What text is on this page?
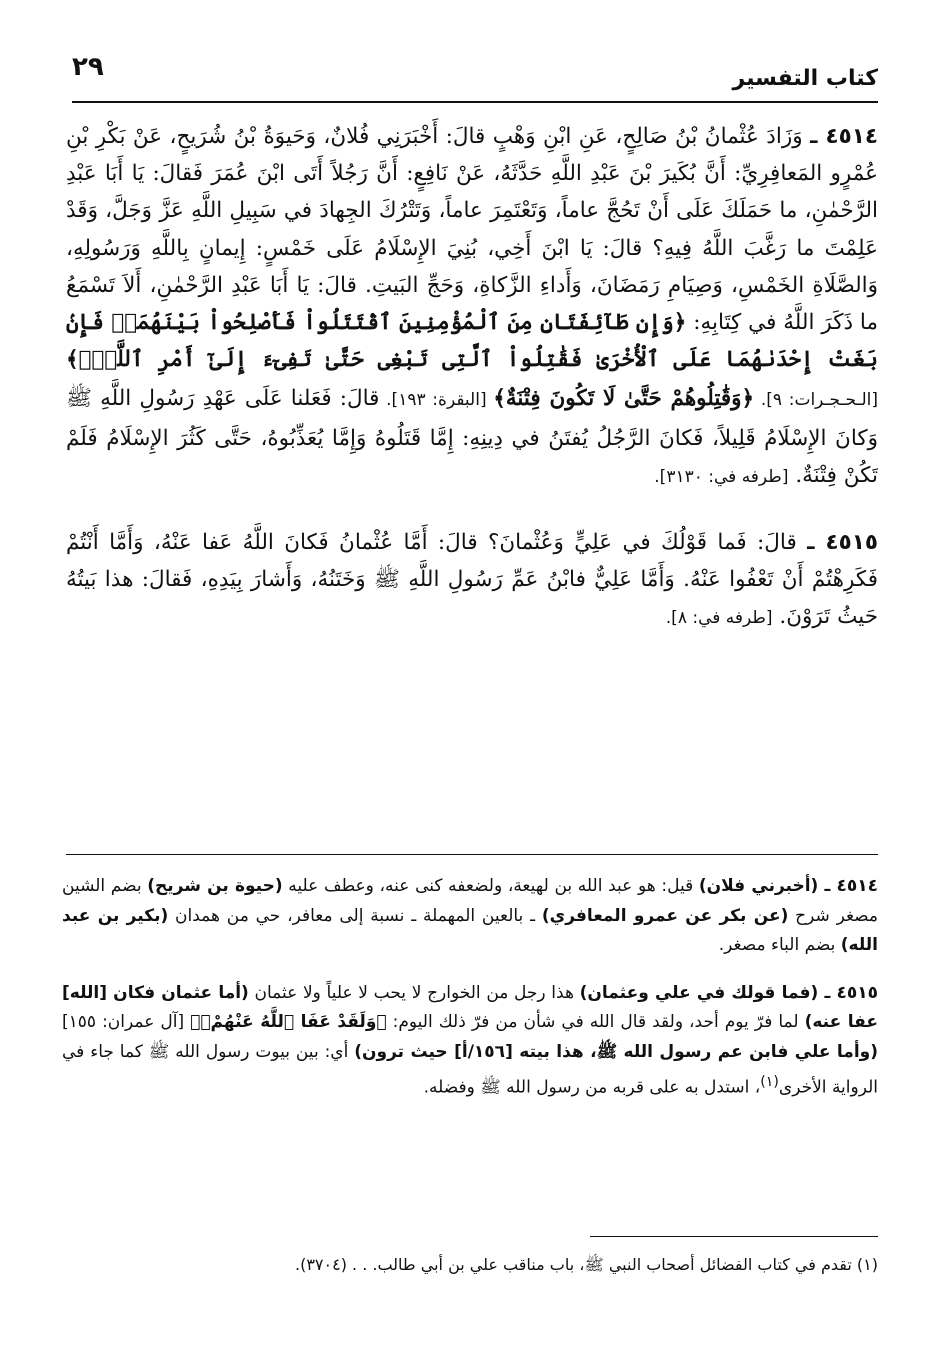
٢٩	كتاب التفسير

٤٥١٤ ـ وَزَادَ عُثْمانُ بْنُ صَالِحٍ، عَنِ ابْنِ وَهْبٍ قالَ: أَخْبَرَنِي فُلانٌ، وَحَيوَةُ بْنُ شُرَيحٍ، عَنْ بَكْرِ بْنِ عُمْرٍو المَعافِرِيِّ: أَنَّ بُكَيرَ بْنَ عَبْدِ اللَّهِ حَدَّثَهُ، عَنْ نَافِعٍ: أَنَّ رَجُلاً أَتَى ابْنَ عُمَرَ فَقالَ: يَا أَبَا عَبْدِ الرَّحْمٰنِ، ما حَمَلَكَ عَلَى أَنْ تَحُجَّ عاماً، وَتَعْتَمِرَ عاماً، وَتَتْرُكَ الجِهادَ في سَبِيلِ اللَّهِ عَزَّ وَجَلَّ، وَقَدْ عَلِمْتَ ما رَغَّبَ اللَّهُ فِيهِ؟ قالَ: يَا ابْنَ أَخِي، بُنِيَ الإِسْلَامُ عَلَى خَمْسٍ: إِيمانٍ بِاللَّهِ وَرَسُولِهِ، وَالصَّلَاةِ الخَمْسِ، وَصِيَامِ رَمَضَانَ، وَأَداءِ الزَّكاةِ، وَحَجِّ البَيتِ. قالَ: يَا أَبَا عَبْدِ الرَّحْمٰنِ، أَلاَ تَسْمَعُ ما ذَكَرَ اللَّهُ في كِتَابِهِ: ﴿وَإِن طَآئِفَتَانِ مِنَ ٱلْمُؤْمِنِينَ ٱقْتَتَلُواْ فَأَصْلِحُواْ بَيْنَهُمَاۖ فَإِنۢ بَغَتْ إِحْدَىٰهُمَا عَلَى ٱلْأُخْرَىٰ فَقَٰتِلُواْ ٱلَّتِى تَبْغِى حَتَّىٰ تَفِىٓءَ إِلَىٰٓ أَمْرِ ٱللَّهِۚ﴾ [الـحـجـرات: ٩]. ﴿وَقَٰتِلُوهُمْ حَتَّىٰ لَا تَكُونَ فِتْنَةٌ﴾ [البقرة: ١٩٣]. قالَ: فَعَلنا عَلَى عَهْدِ رَسُولِ اللَّهِ ﷺ وَكانَ الإِسْلَامُ قَلِيلاً، فَكانَ الرَّجُلُ يُفتَنُ في دِينِهِ: إِمَّا قَتَلُوهُ وَإِمَّا يُعَذِّبُوهُ، حَتَّى كَثُرَ الإِسْلَامُ فَلَمْ تَكُنْ فِتْنَةٌ. [طرفه في: ٣١٣٠].

٤٥١٥ ـ قالَ: فَما قَوْلُكَ في عَلِيٍّ وَعُثْمانَ؟ قالَ: أَمَّا عُثْمانُ فَكانَ اللَّهُ عَفا عَنْهُ، وَأَمَّا أَنْتُمْ فَكَرِهْتُمْ أَنْ تَعْفُوا عَنْهُ. وَأَمَّا عَلِيٌّ فابْنُ عَمِّ رَسُولِ اللَّهِ ﷺ وَخَتَنُهُ، وَأَشارَ بِيَدِهِ، فَقالَ: هذا بَيتُهُ حَيثُ تَرَوْنَ. [طرفه في: ٨].

٤٥١٤ ـ (أخبرني فلان) قيل: هو عبد الله بن لهيعة، ولضعفه كنى عنه، وعطف عليه (حيوة بن شريح) بضم الشين مصغر شرح (عن بكر عن عمرو المعافري) ـ بالعين المهملة ـ نسبة إلى معافر، حي من همدان (بكير بن عبد الله) بضم الباء مصغر.

٤٥١٥ ـ (فما قولك في علي وعثمان) هذا رجل من الخوارج لا يحب لا علياً ولا عثمان (أما عثمان فكان [الله] عفا عنه) لما فرّ يوم أحد، ولقد قال الله في شأن من فرّ ذلك اليوم: ﴿وَلَقَدْ عَفَا ٱللَّهُ عَنْهُمْۗ﴾ [آل عمران: ١٥٥] (وأما علي فابن عم رسول الله ﷺ، هذا بيته [١٥٦/أ] حيث ترون) أي: بين بيوت رسول الله ﷺ كما جاء في الرواية الأخرى$^{(١)}$، استدل به على قربه من رسول الله ﷺ وفضله.

(١) تقدم في كتاب الفضائل أصحاب النبي ﷺ، باب مناقب علي بن أبي طالب. . . (٣٧٠٤).
